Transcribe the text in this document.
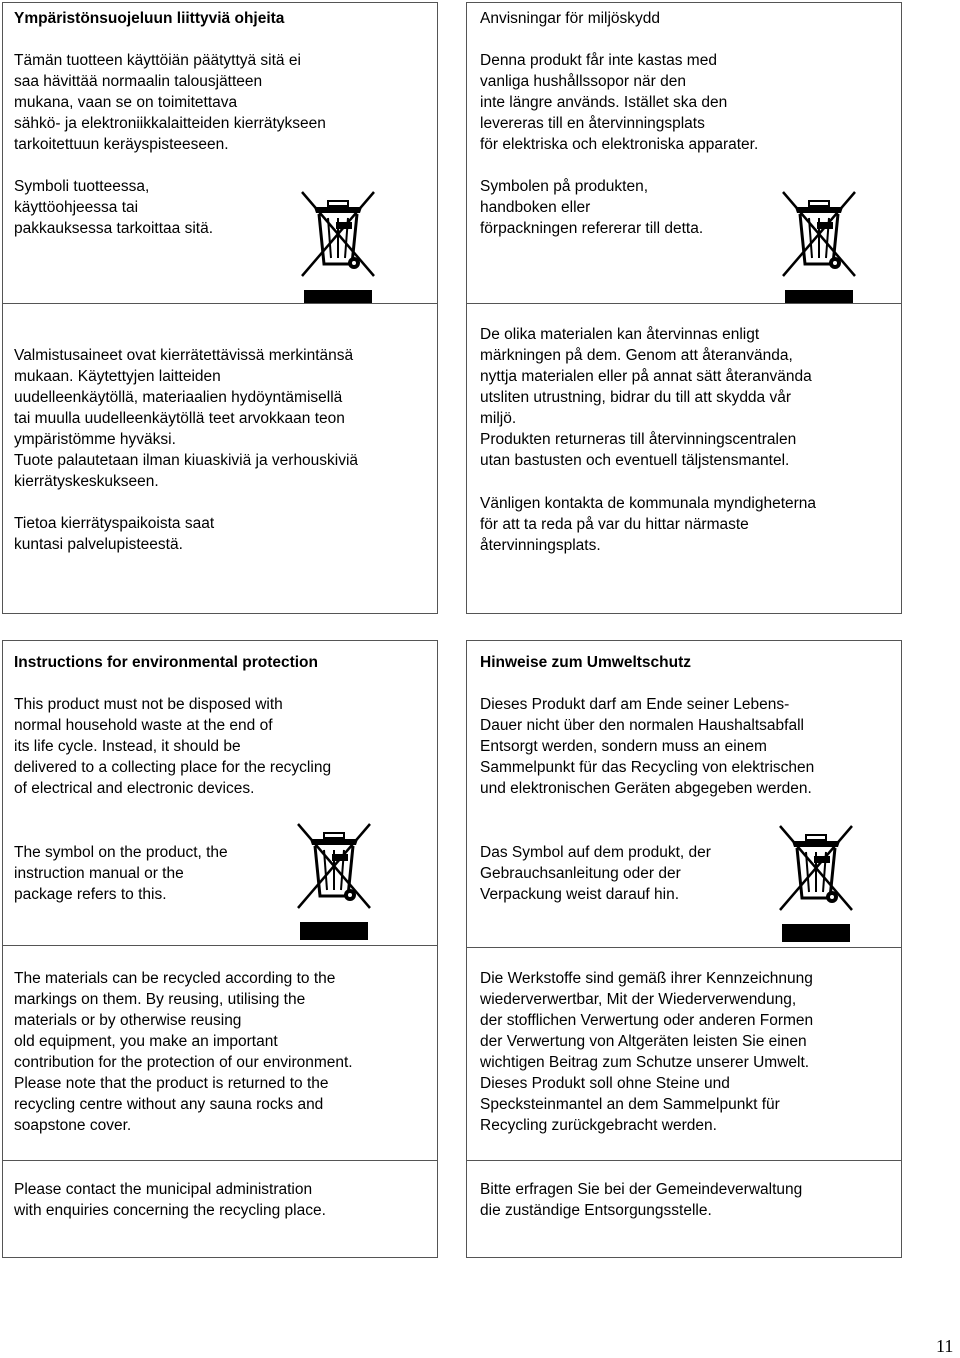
Ympäristönsuojeluun liittyviä ohjeita

Tämän tuotteen käyttöiän päätyttyä sitä ei
saa hävittää normaalin talousjätteen
mukana, vaan se on toimitettava
sähkö- ja elektroniikkalaitteiden kierrätykseen
tarkoitettuun keräyspisteeseen.

Symboli tuotteessa,
käyttöohjeessa tai
pakkauksessa tarkoittaa sitä.

Valmistusaineet ovat kierrätettävissä merkintänsä
mukaan. Käytettyjen laitteiden
uudelleenkäytöllä, materiaalien hydöyntämisellä
tai muulla uudelleenkäytöllä teet arvokkaan teon
ympäristömme hyväksi.
Tuote palautetaan ilman kiuaskiviä ja verhouskiviä
kierrätyskeskukseen.

Tietoa kierrätyspaikoista saat
kuntasi palvelupisteestä.

Anvisningar för miljöskydd

Denna produkt får inte kastas med
vanliga hushållssopor när den
inte längre används. Istället ska den
levereras till en återvinningsplats
för elektriska och elektroniska apparater.

Symbolen på produkten,
handboken eller
förpackningen refererar till detta.

De olika materialen kan återvinnas enligt
märkningen på dem. Genom att återanvända,
nyttja materialen eller på annat sätt återanvända
utsliten utrustning, bidrar du till att skydda vår
miljö.
Produkten returneras till återvinningscentralen
utan bastusten och eventuell täljstensmantel.

Vänligen kontakta de kommunala myndigheterna
för att ta reda på var du hittar närmaste
återvinningsplats.

Instructions for environmental protection

This product must not be disposed with
normal household waste at the end of
its life cycle. Instead, it should be
delivered to a collecting place for the recycling
of electrical and electronic devices.

The symbol on the product, the
instruction manual or the
package refers to this.

The materials can be recycled according to the
markings on them. By reusing, utilising the
materials or by otherwise reusing
old equipment, you make an important
contribution for the protection of our environment.
Please note that the product is returned to the
recycling centre without any sauna rocks and
soapstone cover.

Please contact the municipal administration
with enquiries concerning the recycling place.

Hinweise zum Umweltschutz

Dieses Produkt darf am Ende seiner Lebens-
Dauer nicht über den normalen Haushaltsabfall
Entsorgt werden, sondern muss an einem
Sammelpunkt für das Recycling von elektrischen
und elektronischen Geräten abgegeben werden.

Das Symbol auf dem produkt, der
Gebrauchsanleitung oder der
Verpackung weist darauf hin.

Die Werkstoffe sind gemäß ihrer Kennzeichnung
wiederverwertbar, Mit der Wiederverwendung,
der stofflichen Verwertung oder anderen Formen
der Verwertung von Altgeräten leisten Sie einen
wichtigen Beitrag zum Schutze unserer Umwelt.
Dieses Produkt soll ohne Steine und
Specksteinmantel an dem Sammelpunkt für
Recycling zurückgebracht werden.

Bitte erfragen Sie bei der Gemeindeverwaltung
die zuständige Entsorgungsstelle.

11
